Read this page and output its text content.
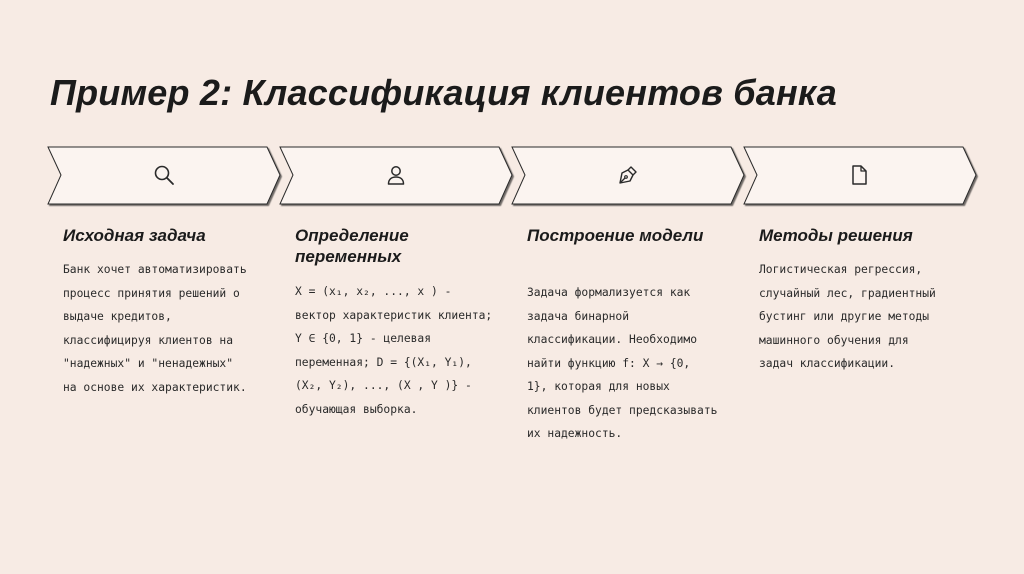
Пример 2: Классификация клиентов банка
Исходная задача
Банк хочет автоматизировать
процесс принятия решений о
выдаче кредитов,
классифицируя клиентов на
"надежных" и "ненадежных"
на основе их характеристик.
Определение
переменных
X = (x₁, x₂, ..., x ) -
вектор характеристик клиента;
Y ∈ {0, 1} - целевая
переменная; D = {(X₁, Y₁),
(X₂, Y₂), ..., (X , Y )} -
обучающая выборка.
Построение модели
Задача формализуется как
задача бинарной
классификации. Необходимо
найти функцию f: X → {0,
1}, которая для новых
клиентов будет предсказывать
их надежность.
Методы решения
Логистическая регрессия,
случайный лес, градиентный
бустинг или другие методы
машинного обучения для
задач классификации.
